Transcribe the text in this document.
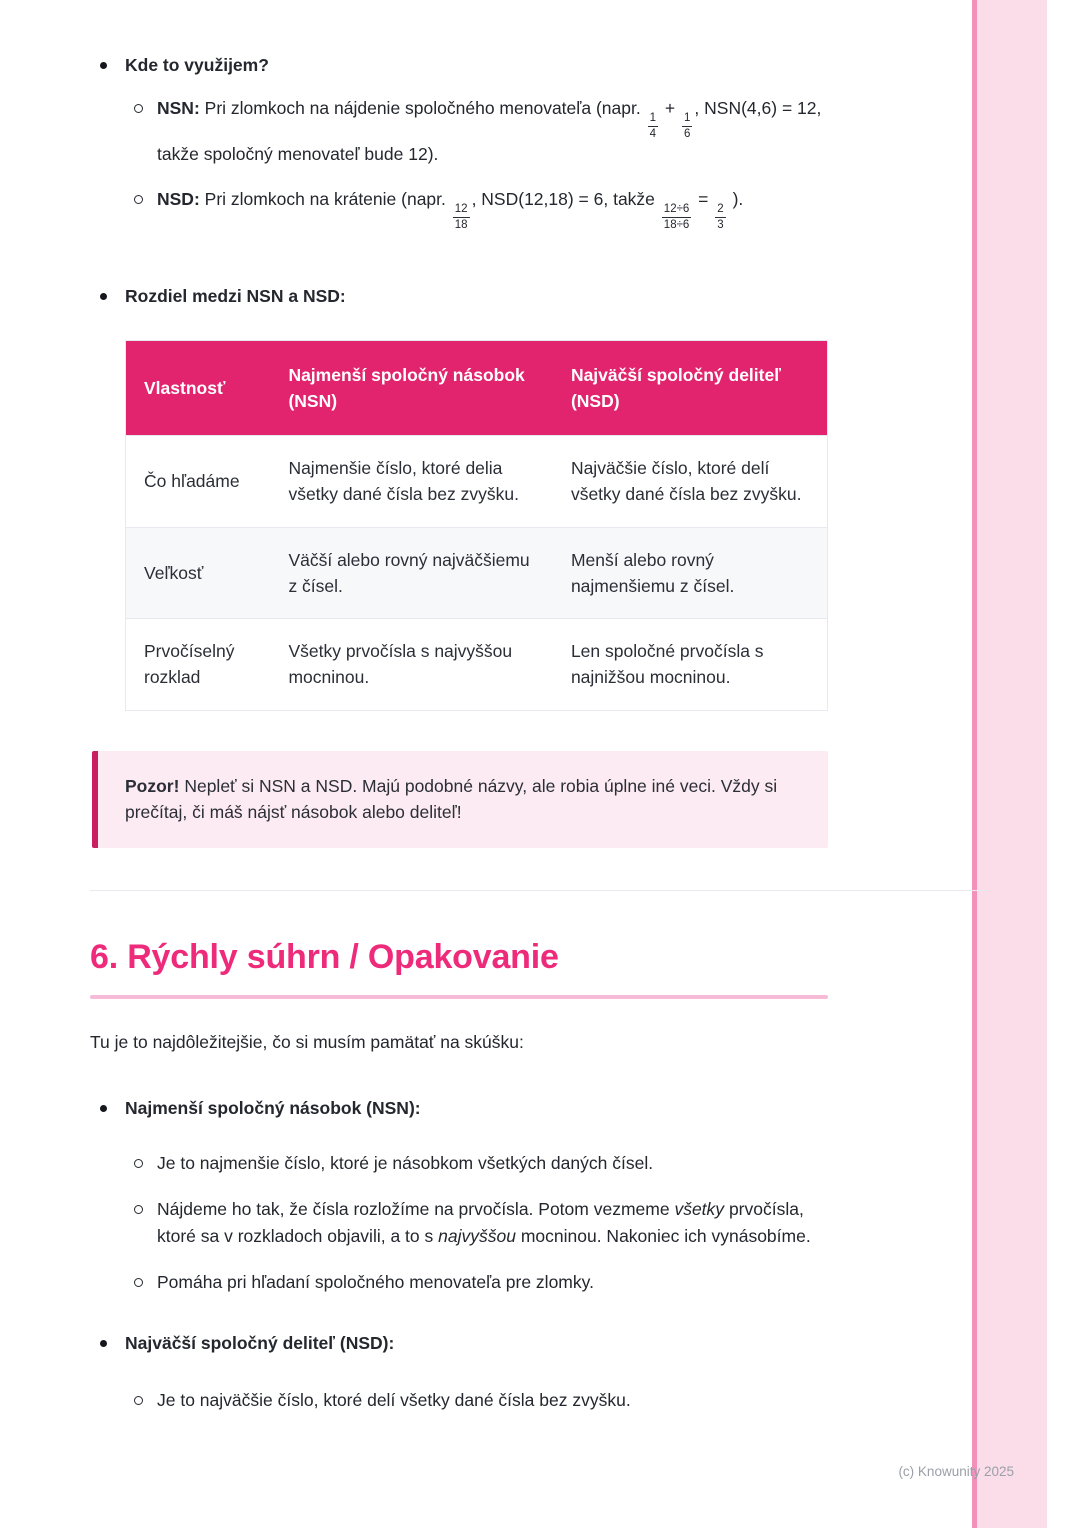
Kde to využijem?

NSN: Pri zlomkoch na nájdenie spoločného menovateľa (napr.
$\frac{1}{4}$
+
$\frac{1}{6}$
, NSN(4,6) = 12, takže spoločný menovateľ bude 12).

NSD: Pri zlomkoch na krátenie (napr.
$\frac{12}{18}$
, NSD(12,18) = 6, takže
$\frac{12\div 6}{18\div 6}$
=
$\frac{2}{3}$
).

Rozdiel medzi NSN a NSD:

Vlastnosť	Najmenší spoločný násobok (NSN)	Najväčší spoločný deliteľ (NSD)
Čo hľadáme	Najmenšie číslo, ktoré delia všetky dané čísla bez zvyšku.	Najväčšie číslo, ktoré delí všetky dané čísla bez zvyšku.
Veľkosť	Väčší alebo rovný najväčšiemu z čísel.	Menší alebo rovný najmenšiemu z čísel.
Prvočíselný rozklad	Všetky prvočísla s najvyššou mocninou.	Len spoločné prvočísla s najnižšou mocninou.
Pozor! Nepleť si NSN a NSD. Majú podobné názvy, ale robia úplne iné veci. Vždy si prečítaj, či máš nájsť násobok alebo deliteľ!
6. Rýchly súhrn / Opakovanie

Tu je to najdôležitejšie, čo si musím pamätať na skúšku:

Najmenší spoločný násobok (NSN):

Je to najmenšie číslo, ktoré je násobkom všetkých daných čísel.

Nájdeme ho tak, že čísla rozložíme na prvočísla. Potom vezmeme všetky prvočísla, ktoré sa v rozkladoch objavili, a to s najvyššou mocninou. Nakoniec ich vynásobíme.

Pomáha pri hľadaní spoločného menovateľa pre zlomky.

Najväčší spoločný deliteľ (NSD):

Je to najväčšie číslo, ktoré delí všetky dané čísla bez zvyšku.

(c) Knowunity 2025
